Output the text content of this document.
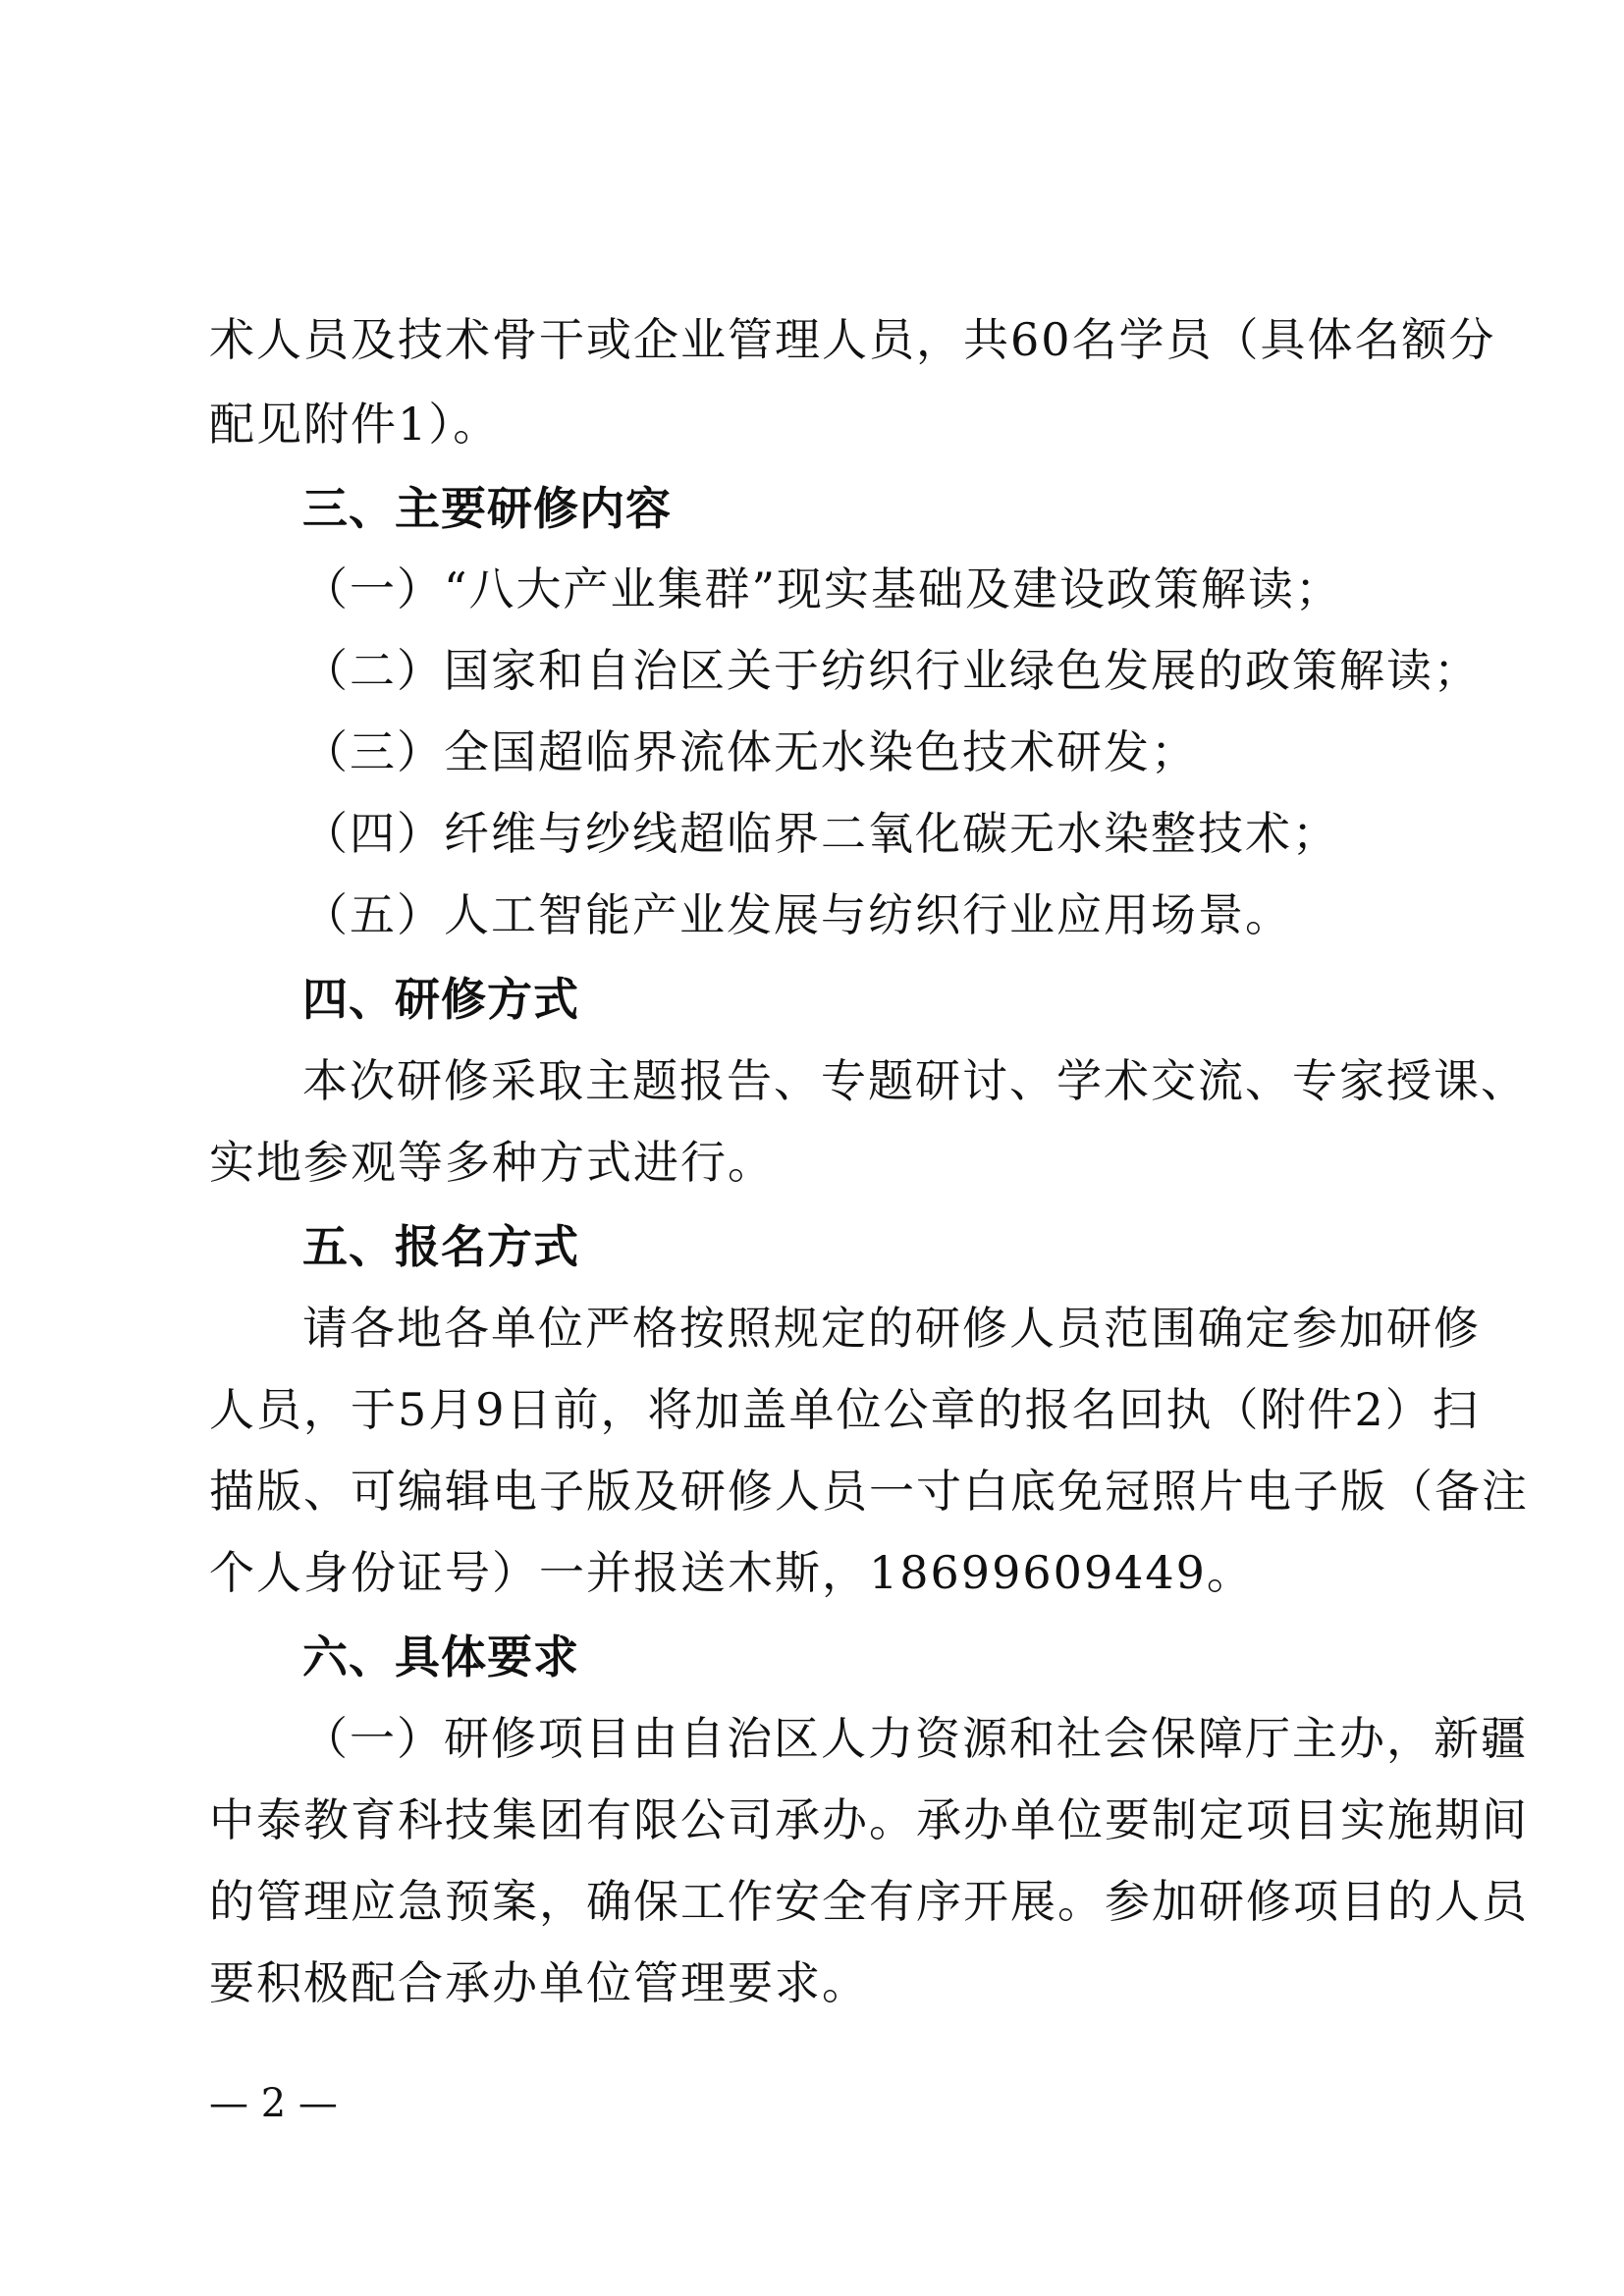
术人员及技术骨干或企业管理人员，共60名学员（具体名额分
配见附件1）。
三、主要研修内容
（一）“八大产业集群”现实基础及建设政策解读；
（二）国家和自治区关于纺织行业绿色发展的政策解读；
（三）全国超临界流体无水染色技术研发；
（四）纤维与纱线超临界二氧化碳无水染整技术；
（五）人工智能产业发展与纺织行业应用场景。
四、研修方式
本次研修采取主题报告、专题研讨、学术交流、专家授课、
实地参观等多种方式进行。
五、报名方式
请各地各单位严格按照规定的研修人员范围确定参加研修
人员，于5月9日前，将加盖单位公章的报名回执（附件2）扫
描版、可编辑电子版及研修人员一寸白底免冠照片电子版（备注
个人身份证号）一并报送木斯，18699609449。
六、具体要求
（一）研修项目由自治区人力资源和社会保障厅主办，新疆
中泰教育科技集团有限公司承办。承办单位要制定项目实施期间
的管理应急预案，确保工作安全有序开展。参加研修项目的人员
要积极配合承办单位管理要求。
— 2 —
